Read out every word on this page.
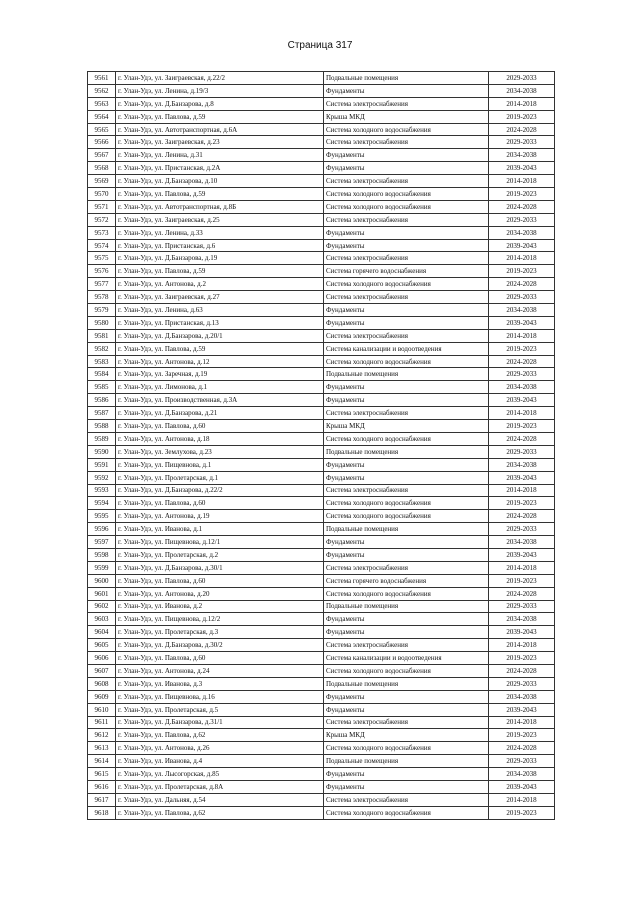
Страница 317
9561	г. Улан-Удэ, ул. Заиграевская, д.22/2	Подвальные помещения	2029-2033
9562	г. Улан-Удэ, ул. Ленина, д.19/3	Фундаменты	2034-2038
9563	г. Улан-Удэ, ул. Д.Банзарова, д.8	Система электроснабжения	2014-2018
9564	г. Улан-Удэ, ул. Павлова, д.59	Крыша МКД	2019-2023
9565	г. Улан-Удэ, ул. Автотранспортная, д.6А	Система холодного водоснабжения	2024-2028
9566	г. Улан-Удэ, ул. Заиграевская, д.23	Система электроснабжения	2029-2033
9567	г. Улан-Удэ, ул. Ленина, д.31	Фундаменты	2034-2038
9568	г. Улан-Удэ, ул. Пристанская, д.2А	Фундаменты	2039-2043
9569	г. Улан-Удэ, ул. Д.Банзарова, д.10	Система электроснабжения	2014-2018
9570	г. Улан-Удэ, ул. Павлова, д.59	Система холодного водоснабжения	2019-2023
9571	г. Улан-Удэ, ул. Автотранспортная, д.8Б	Система холодного водоснабжения	2024-2028
9572	г. Улан-Удэ, ул. Заиграевская, д.25	Система электроснабжения	2029-2033
9573	г. Улан-Удэ, ул. Ленина, д.33	Фундаменты	2034-2038
9574	г. Улан-Удэ, ул. Пристанская, д.6	Фундаменты	2039-2043
9575	г. Улан-Удэ, ул. Д.Банзарова, д.19	Система электроснабжения	2014-2018
9576	г. Улан-Удэ, ул. Павлова, д.59	Система горячего водоснабжения	2019-2023
9577	г. Улан-Удэ, ул. Антонова, д.2	Система холодного водоснабжения	2024-2028
9578	г. Улан-Удэ, ул. Заиграевская, д.27	Система электроснабжения	2029-2033
9579	г. Улан-Удэ, ул. Ленина, д.63	Фундаменты	2034-2038
9580	г. Улан-Удэ, ул. Пристанская, д.13	Фундаменты	2039-2043
9581	г. Улан-Удэ, ул. Д.Банзарова, д.20/1	Система электроснабжения	2014-2018
9582	г. Улан-Удэ, ул. Павлова, д.59	Система канализации и водоотведения	2019-2023
9583	г. Улан-Удэ, ул. Антонова, д.12	Система холодного водоснабжения	2024-2028
9584	г. Улан-Удэ, ул. Заречная, д.19	Подвальные помещения	2029-2033
9585	г. Улан-Удэ, ул. Лимонова, д.1	Фундаменты	2034-2038
9586	г. Улан-Удэ, ул. Производственная, д.3А	Фундаменты	2039-2043
9587	г. Улан-Удэ, ул. Д.Банзарова, д.21	Система электроснабжения	2014-2018
9588	г. Улан-Удэ, ул. Павлова, д.60	Крыша МКД	2019-2023
9589	г. Улан-Удэ, ул. Антонова, д.18	Система холодного водоснабжения	2024-2028
9590	г. Улан-Удэ, ул. Землухова, д.23	Подвальные помещения	2029-2033
9591	г. Улан-Удэ, ул. Пищевнова, д.1	Фундаменты	2034-2038
9592	г. Улан-Удэ, ул. Пролетарская, д.1	Фундаменты	2039-2043
9593	г. Улан-Удэ, ул. Д.Банзарова, д.22/2	Система электроснабжения	2014-2018
9594	г. Улан-Удэ, ул. Павлова, д.60	Система холодного водоснабжения	2019-2023
9595	г. Улан-Удэ, ул. Антонова, д.19	Система холодного водоснабжения	2024-2028
9596	г. Улан-Удэ, ул. Иванова, д.1	Подвальные помещения	2029-2033
9597	г. Улан-Удэ, ул. Пищевнова, д.12/1	Фундаменты	2034-2038
9598	г. Улан-Удэ, ул. Пролетарская, д.2	Фундаменты	2039-2043
9599	г. Улан-Удэ, ул. Д.Банзарова, д.30/1	Система электроснабжения	2014-2018
9600	г. Улан-Удэ, ул. Павлова, д.60	Система горячего водоснабжения	2019-2023
9601	г. Улан-Удэ, ул. Антонова, д.20	Система холодного водоснабжения	2024-2028
9602	г. Улан-Удэ, ул. Иванова, д.2	Подвальные помещения	2029-2033
9603	г. Улан-Удэ, ул. Пищевнова, д.12/2	Фундаменты	2034-2038
9604	г. Улан-Удэ, ул. Пролетарская, д.3	Фундаменты	2039-2043
9605	г. Улан-Удэ, ул. Д.Банзарова, д.30/2	Система электроснабжения	2014-2018
9606	г. Улан-Удэ, ул. Павлова, д.60	Система канализации и водоотведения	2019-2023
9607	г. Улан-Удэ, ул. Антонова, д.24	Система холодного водоснабжения	2024-2028
9608	г. Улан-Удэ, ул. Иванова, д.3	Подвальные помещения	2029-2033
9609	г. Улан-Удэ, ул. Пищевнова, д.16	Фундаменты	2034-2038
9610	г. Улан-Удэ, ул. Пролетарская, д.5	Фундаменты	2039-2043
9611	г. Улан-Удэ, ул. Д.Банзарова, д.31/1	Система электроснабжения	2014-2018
9612	г. Улан-Удэ, ул. Павлова, д.62	Крыша МКД	2019-2023
9613	г. Улан-Удэ, ул. Антонова, д.26	Система холодного водоснабжения	2024-2028
9614	г. Улан-Удэ, ул. Иванова, д.4	Подвальные помещения	2029-2033
9615	г. Улан-Удэ, ул. Лысогорская, д.85	Фундаменты	2034-2038
9616	г. Улан-Удэ, ул. Пролетарская, д.8А	Фундаменты	2039-2043
9617	г. Улан-Удэ, ул. Дальняя, д.54	Система электроснабжения	2014-2018
9618	г. Улан-Удэ, ул. Павлова, д.62	Система холодного водоснабжения	2019-2023
